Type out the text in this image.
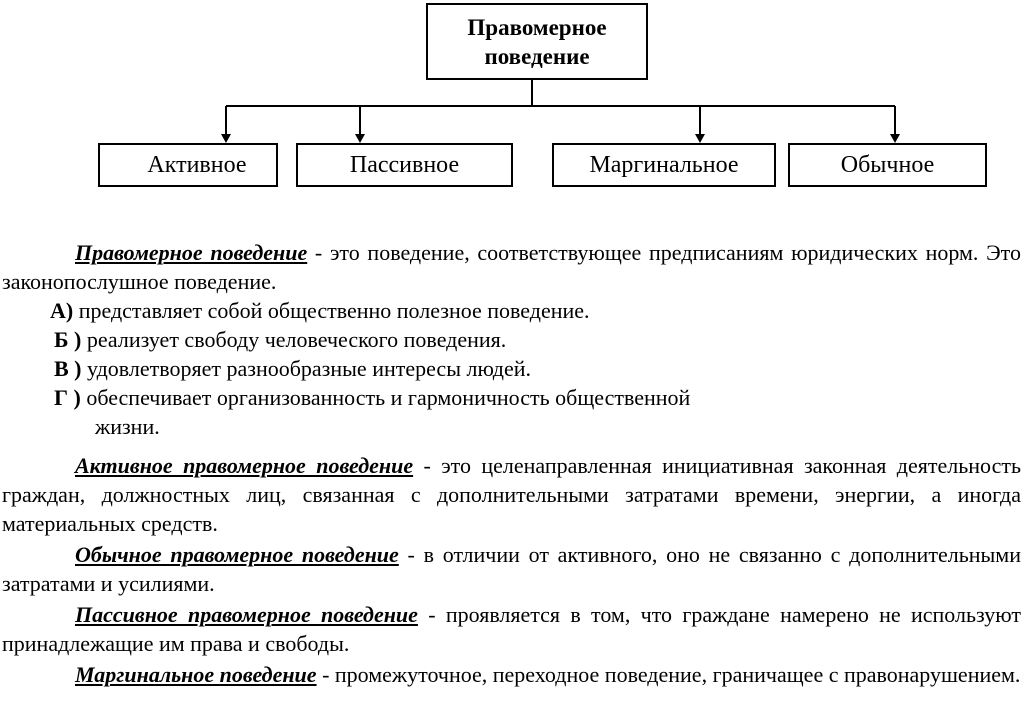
Правомерное поведение
Активное	Пассивное	Маргинальное	Обычное
Правомерное поведение - это поведение, соответствующее предписаниям юридических норм. Это законопослушное поведение.
А) представляет собой общественно полезное поведение.
Б ) реализует свободу человеческого поведения.
В ) удовлетворяет разнообразные интересы людей.
Г ) обеспечивает организованность и гармоничность общественной
жизни.
Активное правомерное поведение - это целенаправленная инициативная законная деятельность граждан, должностных лиц, связанная с дополнительными затратами времени, энергии, а иногда материальных средств.
Обычное правомерное поведение - в отличии от активного, оно не связанно с дополнительными затратами и усилиями.
Пассивное правомерное поведение - проявляется в том, что граждане намерено не используют принадлежащие им права и свободы.
Маргинальное поведение - промежуточное, переходное поведение, граничащее с правонарушением.
